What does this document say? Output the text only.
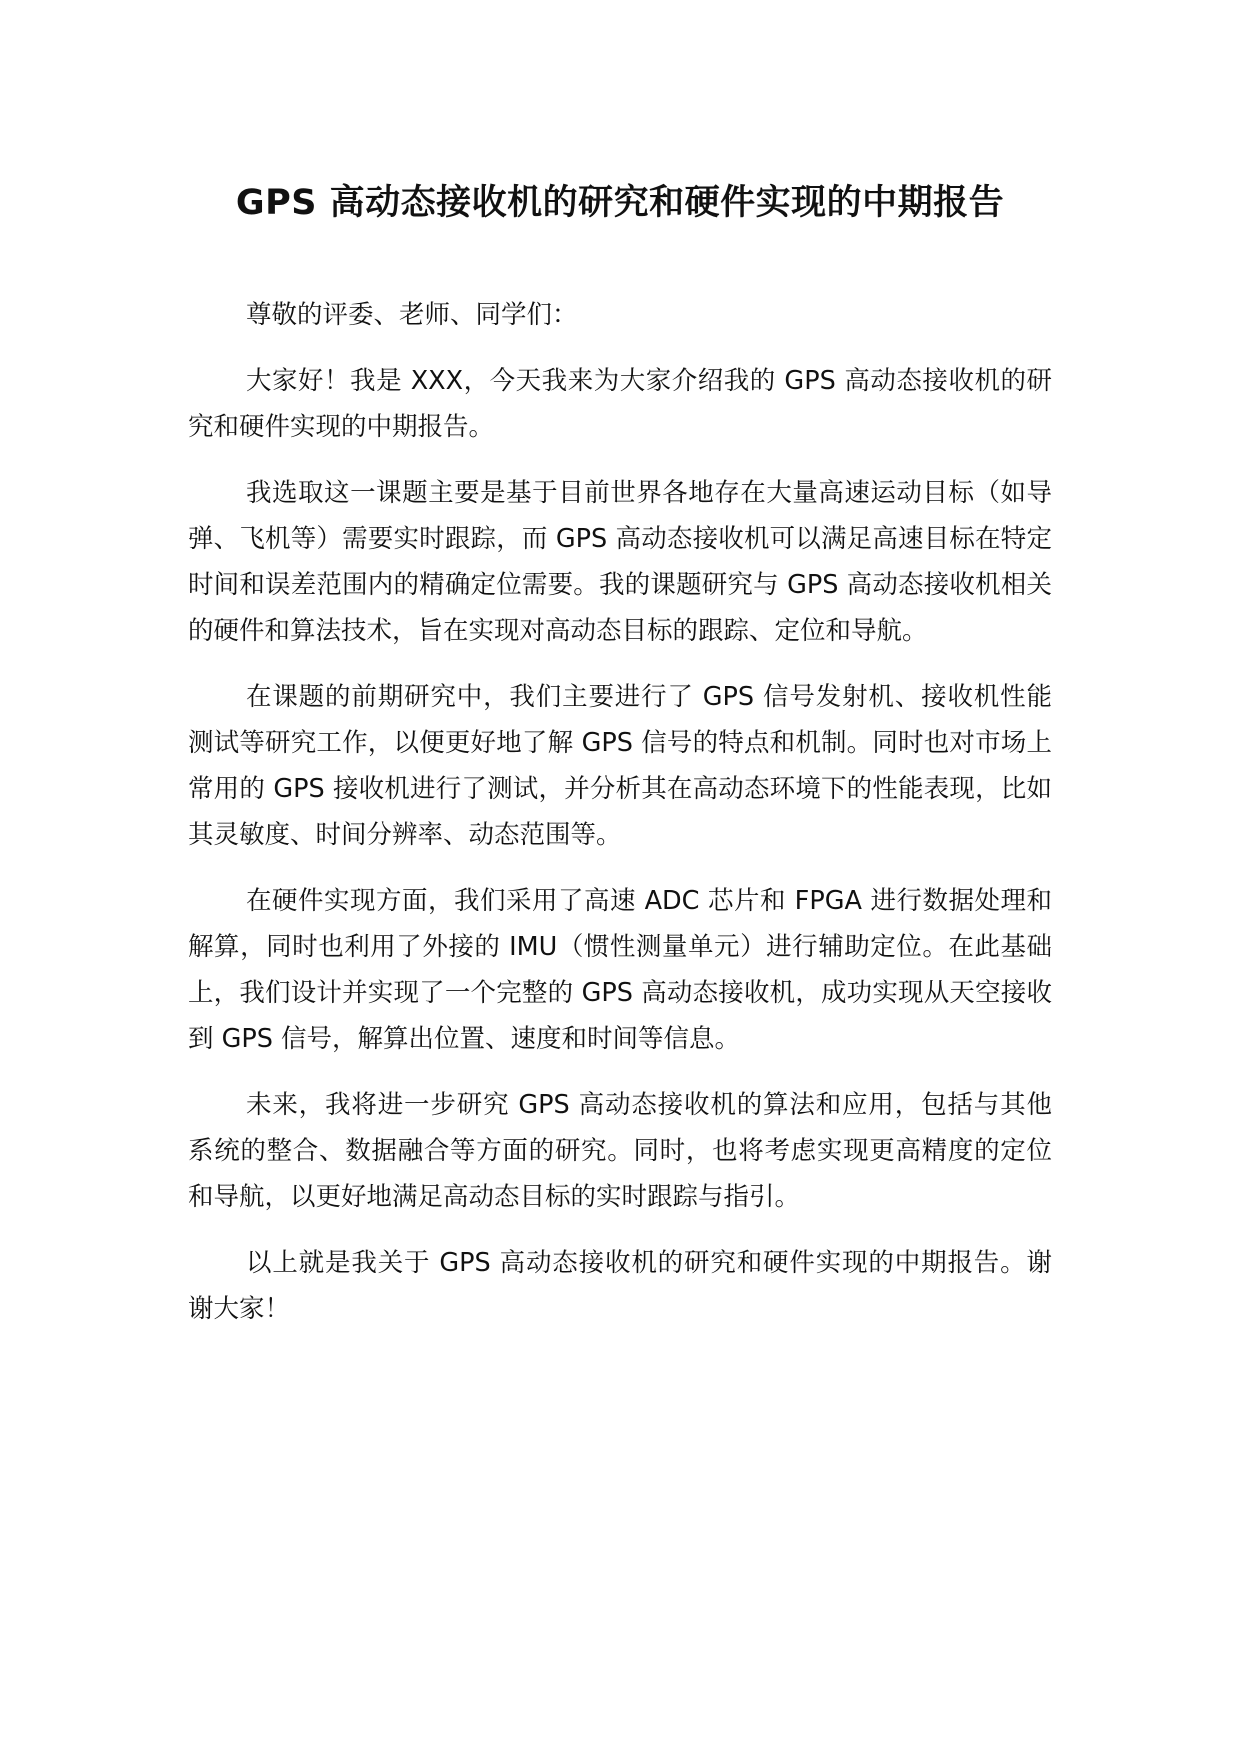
GPS 高动态接收机的研究和硬件实现的中期报告

尊敬的评委、老师、同学们：

大家好！我是 XXX，今天我来为大家介绍我的 GPS 高动态接收机的研究和硬件实现的中期报告。

我选取这一课题主要是基于目前世界各地存在大量高速运动目标（如导弹、飞机等）需要实时跟踪，而 GPS 高动态接收机可以满足高速目标在特定时间和误差范围内的精确定位需要。我的课题研究与 GPS 高动态接收机相关的硬件和算法技术，旨在实现对高动态目标的跟踪、定位和导航。

在课题的前期研究中，我们主要进行了 GPS 信号发射机、接收机性能测试等研究工作，以便更好地了解 GPS 信号的特点和机制。同时也对市场上常用的 GPS 接收机进行了测试，并分析其在高动态环境下的性能表现，比如其灵敏度、时间分辨率、动态范围等。

在硬件实现方面，我们采用了高速 ADC 芯片和 FPGA 进行数据处理和解算，同时也利用了外接的 IMU（惯性测量单元）进行辅助定位。在此基础上，我们设计并实现了一个完整的 GPS 高动态接收机，成功实现从天空接收到 GPS 信号，解算出位置、速度和时间等信息。

未来，我将进一步研究 GPS 高动态接收机的算法和应用，包括与其他系统的整合、数据融合等方面的研究。同时，也将考虑实现更高精度的定位和导航，以更好地满足高动态目标的实时跟踪与指引。

以上就是我关于 GPS 高动态接收机的研究和硬件实现的中期报告。谢谢大家！
